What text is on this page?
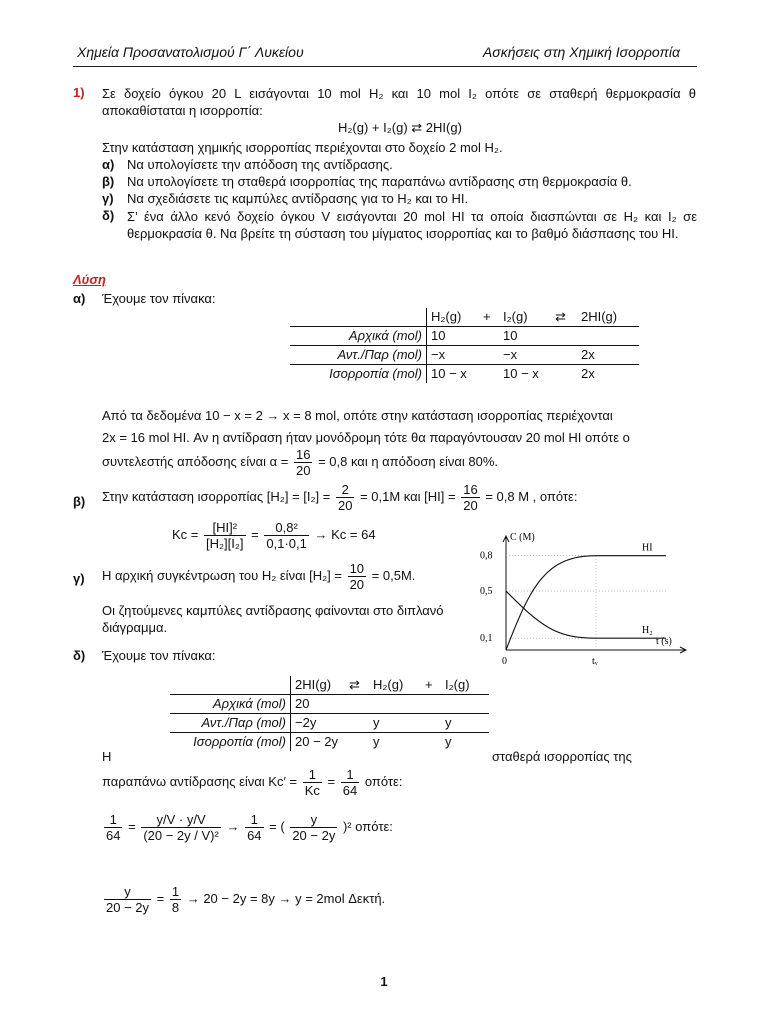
Χημεία Προσανατολισμού Γ΄ Λυκείου	Ασκήσεις στη Χημική Ισορροπία
1) Σε δοχείο όγκου 20 L εισάγονται 10 mol H₂ και 10 mol I₂ οπότε σε σταθερή θερμοκρασία θ αποκαθίσταται η ισορροπία:
H₂(g) + I₂(g) ⇄ 2HI(g)
Στην κατάσταση χημικής ισορροπίας περιέχονται στο δοχείο 2 mol H₂.
α) Να υπολογίσετε την απόδοση της αντίδρασης.
β) Να υπολογίσετε τη σταθερά ισορροπίας της παραπάνω αντίδρασης στη θερμοκρασία θ.
γ) Να σχεδιάσετε τις καμπύλες αντίδρασης για το H₂ και το HI.
δ) Σ’ ένα άλλο κενό δοχείο όγκου V εισάγονται 20 mol HI τα οποία διασπώνται σε H₂ και I₂ σε θερμοκρασία θ. Να βρείτε τη σύσταση του μίγματος ισορροπίας και το βαθμό διάσπασης του HI.
Λύση
α) Έχουμε τον πίνακα:
	H₂(g)	+	I₂(g)	⇄	2HI(g)
Αρχικά (mol)	10		10		
Αντ./Παρ (mol)	−x		−x		2x
Ισορροπία (mol)	10 − x		10 − x		2x
Από τα δεδομένα 10 − x = 2 → x = 8 mol, οπότε στην κατάσταση ισορροπίας περιέχονται
2x = 16 mol HI. Αν η αντίδραση ήταν μονόδρομη τότε θα παραγόντουσαν 20 mol HI οπότε ο
συντελεστής απόδοσης είναι $\alpha = \frac{16}{20} = 0,8$ και η απόδοση είναι 80%.
β) Στην κατάσταση ισορροπίας $[H_2] = [I_2] = \frac{2}{20} = 0,1M$ και $[HI] = \frac{16}{20} = 0,8$ M , οπότε:
$Kc = \frac{\text{[HI]²}}{\text{[H₂][I₂]}} = \frac{\text{0,8²}}{0,1\cdot 0,1} \to Kc = 64$
γ) Η αρχική συγκέντρωση του H₂ είναι $[H_2] = \frac{10}{20} = 0,5M$.
Οι ζητούμενες καμπύλες αντίδρασης φαίνονται στο διπλανό διάγραμμα.
C (M)
t (s)
0,1
0,5
0,8
0	tᵥ
HI
H₂
δ) Έχουμε τον πίνακα:
	2HI(g)	⇄	H₂(g)	+	I₂(g)
Αρχικά (mol)	20				
Αντ./Παρ (mol)	−2y		y		y
Ισορροπία (mol)	20 − 2y		y		y
Η	σταθερά ισορροπίας της
παραπάνω αντίδρασης είναι $Kc' = \frac{1}{Kc} = \frac{1}{64} o\pi ό\tau\varepsilon$:
$\frac{1}{64} = \frac{y/V \cdot y/V}{\text{(20 − 2y / V)²}} \to \frac{1}{64}$ = ( $\frac{y}{20 - 2y} )^2$ οπότε:
$\frac{y}{20 - 2y} = \frac{1}{8} \to 20 - 2y = 8y \to y = 2mol$ Δεκτή.
1
